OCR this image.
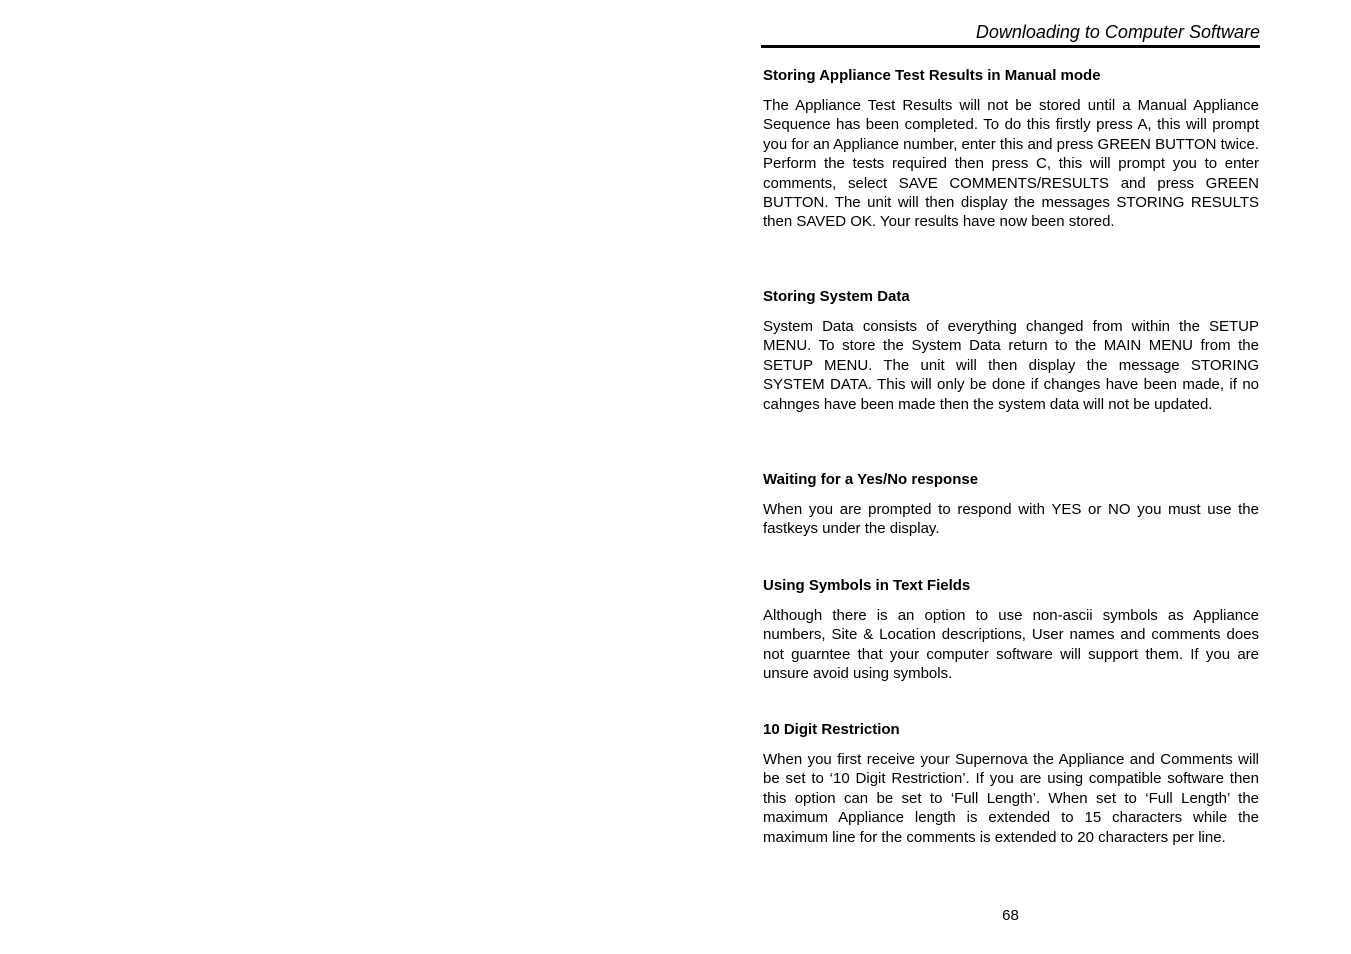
Downloading to Computer Software
Storing Appliance Test Results in Manual mode

The Appliance Test Results will not be stored until a Manual Appliance Sequence has been completed. To do this firstly press A, this will prompt you for an Appliance number, enter this and press GREEN BUTTON twice. Perform the tests required then press C, this will prompt you to enter comments, select SAVE COMMENTS/RESULTS and press GREEN BUTTON. The unit will then display the messages STORING RESULTS then SAVED OK. Your results have now been stored.

Storing System Data

System Data consists of everything changed from within the SETUP MENU. To store the System Data return to the MAIN MENU from the SETUP MENU. The unit will then display the message STORING SYSTEM DATA. This will only be done if changes have been made, if no cahnges have been made then the system data will not be updated.

Waiting for a Yes/No response

When you are prompted to respond with YES or NO you must use the fastkeys under the display.

Using Symbols in Text Fields

Although there is an option to use non-ascii symbols as Appliance numbers, Site & Location descriptions, User names and comments does not guarntee that your computer software will support them. If you are unsure avoid using symbols.

10 Digit Restriction

When you first receive your Supernova the Appliance and Comments will be set to ‘10 Digit Restriction’. If you are using compatible software then this option can be set to ‘Full Length’. When set to ‘Full Length’ the maximum Appliance length is extended to 15 characters while the maximum line for the comments is extended to 20 characters per line.

68
